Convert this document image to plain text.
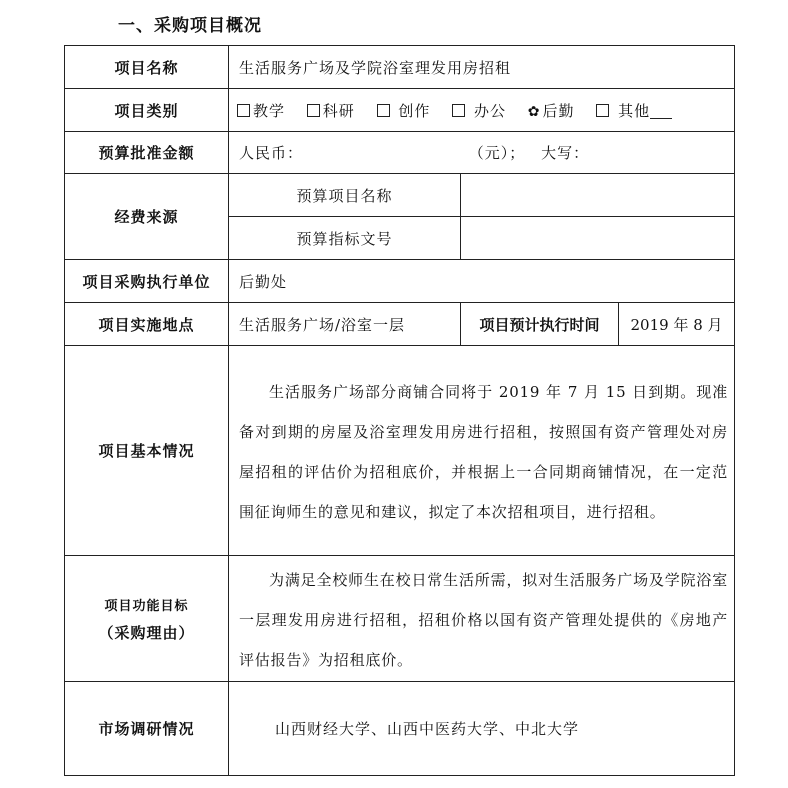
一、采购项目概况
项目名称	生活服务广场及学院浴室理发用房招租		
项目类别	教学 科研 创作 办公 ✿ 后勤 其他		
预算批准金额	人民币： （元）； 大写：		
经费来源	预算项目名称		
	预算指标文号		
项目采购执行单位	后勤处		
项目实施地点	生活服务广场/浴室一层	项目预计执行时间	2019 年 8 月
项目基本情况	生活服务广场部分商铺合同将于 2019 年 7 月 15 日到期。现准备对到期的房屋及浴室理发用房进行招租，按照国有资产管理处对房屋招租的评估价为招租底价，并根据上一合同期商铺情况，在一定范围征询师生的意见和建议，拟定了本次招租项目，进行招租。		

项目功能目标
（采购理由）	为满足全校师生在校日常生活所需，拟对生活服务广场及学院浴室一层理发用房进行招租，招租价格以国有资产管理处提供的《房地产评估报告》为招租底价。		
市场调研情况	山西财经大学、山西中医药大学、中北大学		
